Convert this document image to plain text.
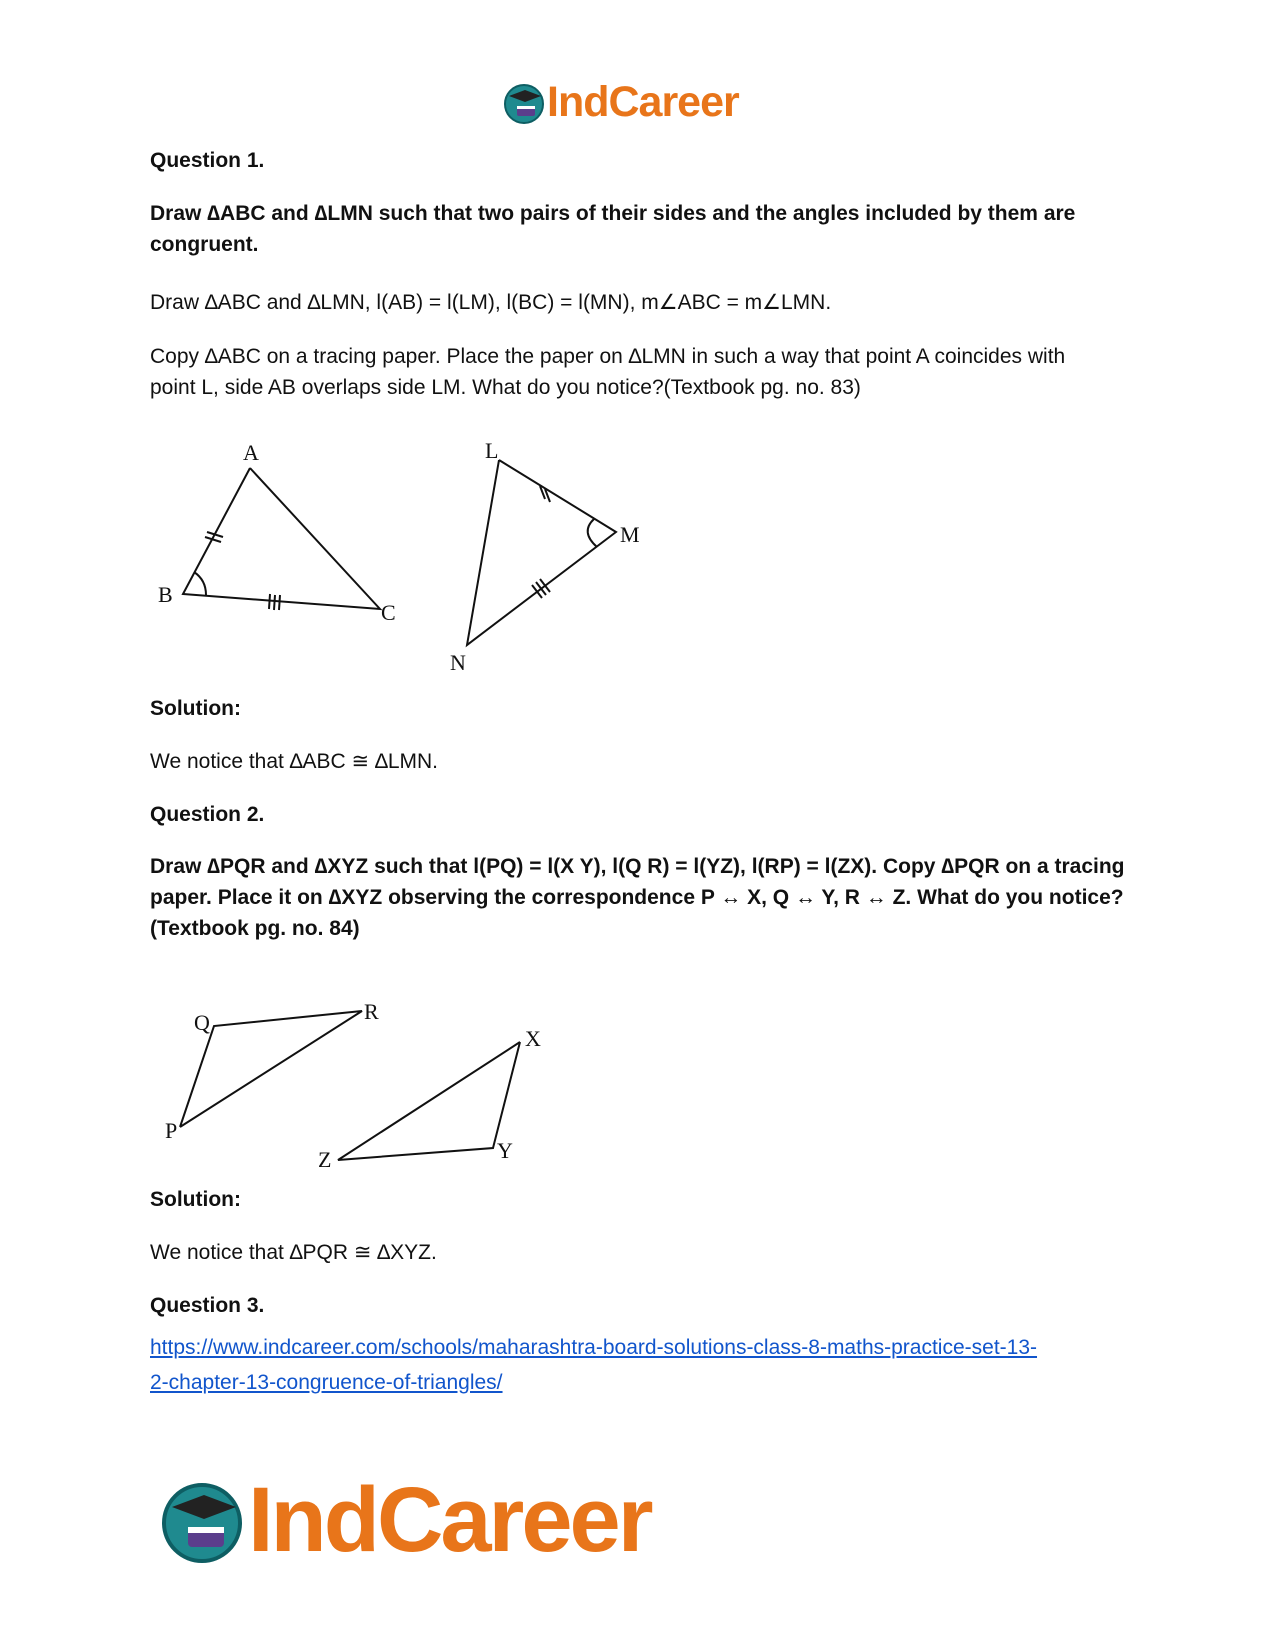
IndCareer

Question 1.

Draw ∆ABC and ∆LMN such that two pairs of their sides and the angles included by them are congruent.

Draw ∆ABC and ∆LMN, l(AB) = l(LM), l(BC) = l(MN), m∠ABC = m∠LMN.

Copy ∆ABC on a tracing paper. Place the paper on ∆LMN in such a way that point A coincides with point L, side AB overlaps side LM. What do you notice?(Textbook pg. no. 83)

A
B
C
L
M
N

Solution:

We notice that ∆ABC ≅ ∆LMN.

Question 2.

Draw ∆PQR and ∆XYZ such that l(PQ) = l(X Y), l(Q R) = l(YZ), l(RP) = l(ZX). Copy ∆PQR on a tracing paper. Place it on ∆XYZ observing the correspondence P ↔ X, Q ↔ Y, R ↔ Z. What do you notice? (Textbook pg. no. 84)

Q	R
P
X
Y
Z

Solution:

We notice that ∆PQR ≅ ∆XYZ.

Question 3.

https://www.indcareer.com/schools/maharashtra-board-solutions-class-8-maths-practice-set-13-
2-chapter-13-congruence-of-triangles/
IndCareer
